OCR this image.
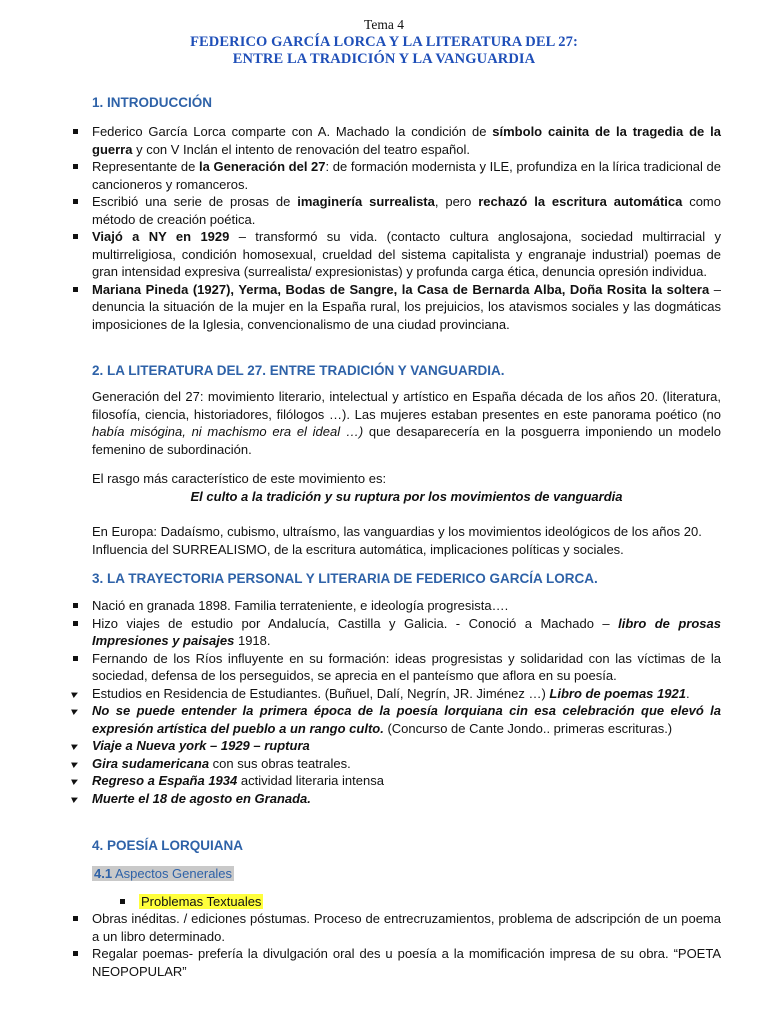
Tema 4
FEDERICO GARCÍA LORCA Y LA LITERATURA DEL 27:
ENTRE LA TRADICIÓN Y LA VANGUARDIA
1. INTRODUCCIÓN
Federico García Lorca comparte con A. Machado la condición de símbolo cainita de la tragedia de la guerra y con V Inclán el intento de renovación del teatro español.
Representante de la Generación del 27: de formación modernista y ILE, profundiza en la lírica tradicional de cancioneros y romanceros.
Escribió una serie de prosas de imaginería surrealista, pero rechazó la escritura automática como método de creación poética.
Viajó a NY en 1929 – transformó su vida. (contacto cultura anglosajona, sociedad multirracial y multirreligiosa, condición homosexual, crueldad del sistema capitalista y engranaje industrial) poemas de gran intensidad expresiva (surrealista/ expresionistas) y profunda carga ética, denuncia opresión individua.
Mariana Pineda (1927), Yerma, Bodas de Sangre, la Casa de Bernarda Alba, Doña Rosita la soltera – denuncia la situación de la mujer en la España rural, los prejuicios, los atavismos sociales y las dogmáticas imposiciones de la Iglesia, convencionalismo de una ciudad provinciana.
2. LA LITERATURA DEL 27. ENTRE TRADICIÓN Y VANGUARDIA.

Generación del 27: movimiento literario, intelectual y artístico en España década de los años 20. (literatura, filosofía, ciencia, historiadores, filólogos …). Las mujeres estaban presentes en este panorama poético (no había misógina, ni machismo era el ideal …) que desaparecería en la posguerra imponiendo un modelo femenino de subordinación.

El rasgo más característico de este movimiento es:

El culto a la tradición y su ruptura por los movimientos de vanguardia

En Europa: Dadaísmo, cubismo, ultraísmo, las vanguardias y los movimientos ideológicos de los años 20.

Influencia del SURREALISMO, de la escritura automática, implicaciones políticas y sociales.

3. LA TRAYECTORIA PERSONAL Y LITERARIA DE FEDERICO GARCÍA LORCA.
Nació en granada 1898. Familia terrateniente, e ideología progresista….
Hizo viajes de estudio por Andalucía, Castilla y Galicia. - Conoció a Machado – libro de prosas Impresiones y paisajes 1918.
Fernando de los Ríos influyente en su formación: ideas progresistas y solidaridad con las víctimas de la sociedad, defensa de los perseguidos, se aprecia en el panteísmo que aflora en su poesía.
▶ Estudios en Residencia de Estudiantes. (Buñuel, Dalí, Negrín, JR. Jiménez …) Libro de poemas 1921.
▶ No se puede entender la primera época de la poesía lorquiana cin esa celebración que elevó la expresión artística del pueblo a un rango culto. (Concurso de Cante Jondo.. primeras escrituras.)
▶ Viaje a Nueva york – 1929 – ruptura
▶ Gira sudamericana con sus obras teatrales.
▶ Regreso a España 1934 actividad literaria intensa
▶ Muerte el 18 de agosto en Granada.
4. POESÍA LORQUIANA
4.1 Aspectos Generales
Problemas Textuales
Obras inéditas. / ediciones póstumas. Proceso de entrecruzamientos, problema de adscripción de un poema a un libro determinado.
Regalar poemas- prefería la divulgación oral des u poesía a la momificación impresa de su obra. “POETA NEOPOPULAR”
